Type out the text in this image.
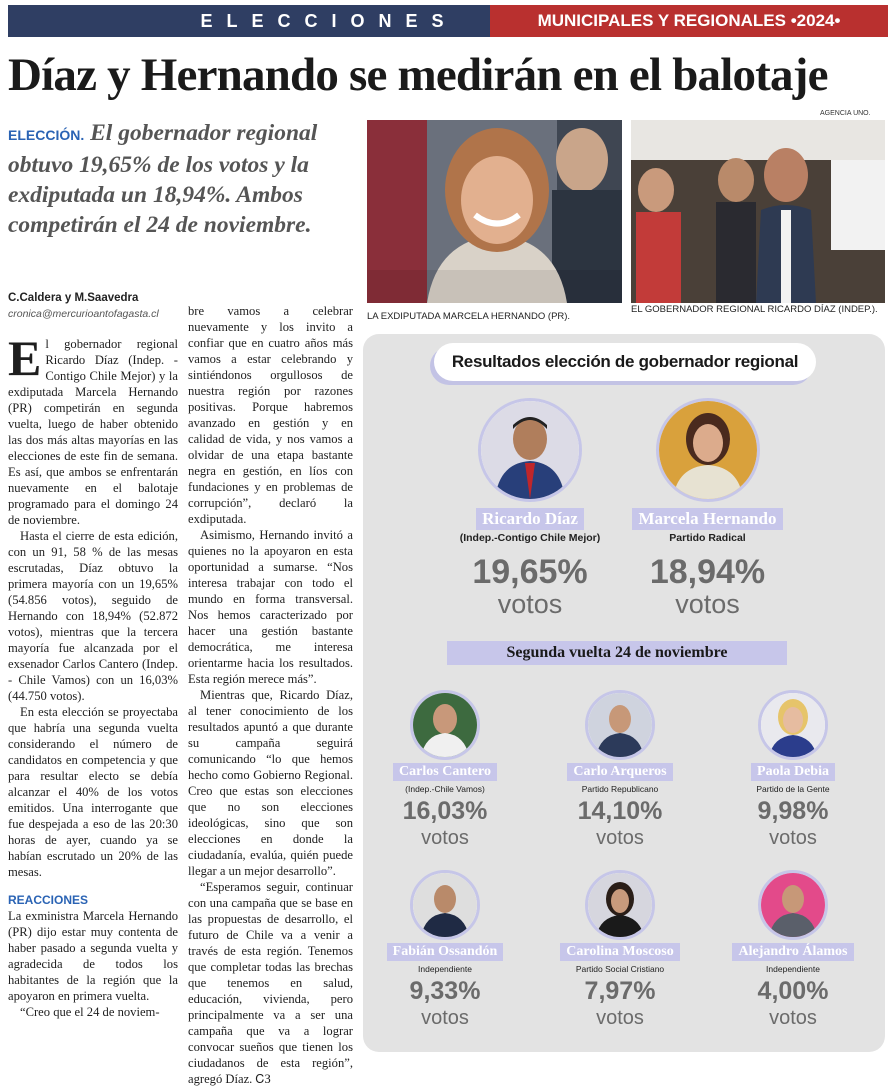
ELECCIONES	MUNICIPALES Y REGIONALES •2024•
Díaz y Hernando se medirán en el balotaje
ELECCIÓN. El gobernador regional obtuvo 19,65% de los votos y la exdiputada un 18,94%. Ambos competirán el 24 de noviembre.
AGENCIA UNO.
LA EXDIPUTADA MARCELA HERNANDO (PR).
EL GOBERNADOR REGIONAL RICARDO DÍAZ (INDEP.).
C.Caldera y M.Saavedra
cronica@mercurioantofagasta.cl

El gobernador regional Ricardo Díaz (Indep. - Contigo Chile Mejor) y la exdiputada Marcela Hernando (PR) competirán en segunda vuelta, luego de haber obtenido las dos más altas mayorías en las elecciones de este fin de semana. Es así, que ambos se enfrentarán nuevamente en el balotaje programado para el domingo 24 de noviembre.

Hasta el cierre de esta edición, con un 91, 58 % de las mesas escrutadas, Díaz obtuvo la primera mayoría con un 19,65% (54.856 votos), seguido de Hernando con 18,94% (52.872 votos), mientras que la tercera mayoría fue alcanzada por el exsenador Carlos Cantero (Indep. - Chile Vamos) con un 16,03% (44.750 votos).

En esta elección se proyectaba que habría una segunda vuelta considerando el número de candidatos en competencia y que para resultar electo se debía alcanzar el 40% de los votos emitidos. Una interrogante que fue despejada a eso de las 20:30 horas de ayer, cuando ya se habían escrutado un 20% de las mesas.

REACCIONES

La exministra Marcela Hernando (PR) dijo estar muy contenta de haber pasado a segunda vuelta y agradecida de todos los habitantes de la región que la apoyaron en primera vuelta.

“Creo que el 24 de noviem-

bre vamos a celebrar nuevamente y los invito a confiar que en cuatro años más vamos a estar celebrando y sintiéndonos orgullosos de nuestra región por razones positivas. Porque habremos avanzado en gestión y en calidad de vida, y nos vamos a olvidar de una etapa bastante negra en gestión, en líos con fundaciones y en problemas de corrupción”, declaró la exdiputada.

Asimismo, Hernando invitó a quienes no la apoyaron en esta oportunidad a sumarse. “Nos interesa trabajar con todo el mundo en forma transversal. Nos hemos caracterizado por hacer una gestión bastante democrática, me interesa orientarme hacia los resultados. Esta región merece más”.

Mientras que, Ricardo Díaz, al tener conocimiento de los resultados apuntó a que durante su campaña seguirá comunicando “lo que hemos hecho como Gobierno Regional. Creo que estas son elecciones que no son elecciones ideológicas, sino que son elecciones en donde la ciudadanía, evalúa, quién puede llegar a un mejor desarrollo”.

“Esperamos seguir, continuar con una campaña que se base en las propuestas de desarrollo, el futuro de Chile va a venir a través de esta región. Tenemos que completar todas las brechas que tenemos en salud, educación, vivienda, pero principalmente va a ser una campaña que va a lograr convocar sueños que tienen los ciudadanos de esta región”, agregó Díaz. ᏟЗ

Resultados elección de gobernador regional
Ricardo Díaz
(Indep.-Contigo Chile Mejor)
19,65%
votos
Marcela Hernando
Partido Radical
18,94%
votos
Segunda vuelta 24 de noviembre
Carlos Cantero
(Indep.-Chile Vamos)
16,03%
votos
Carlo Arqueros
Partido Republicano
14,10%
votos
Paola Debia
Partido de la Gente
9,98%
votos
Fabián Ossandón
Independiente
9,33%
votos
Carolina Moscoso
Partido Social Cristiano
7,97%
votos
Alejandro Álamos
Independiente
4,00%
votos
